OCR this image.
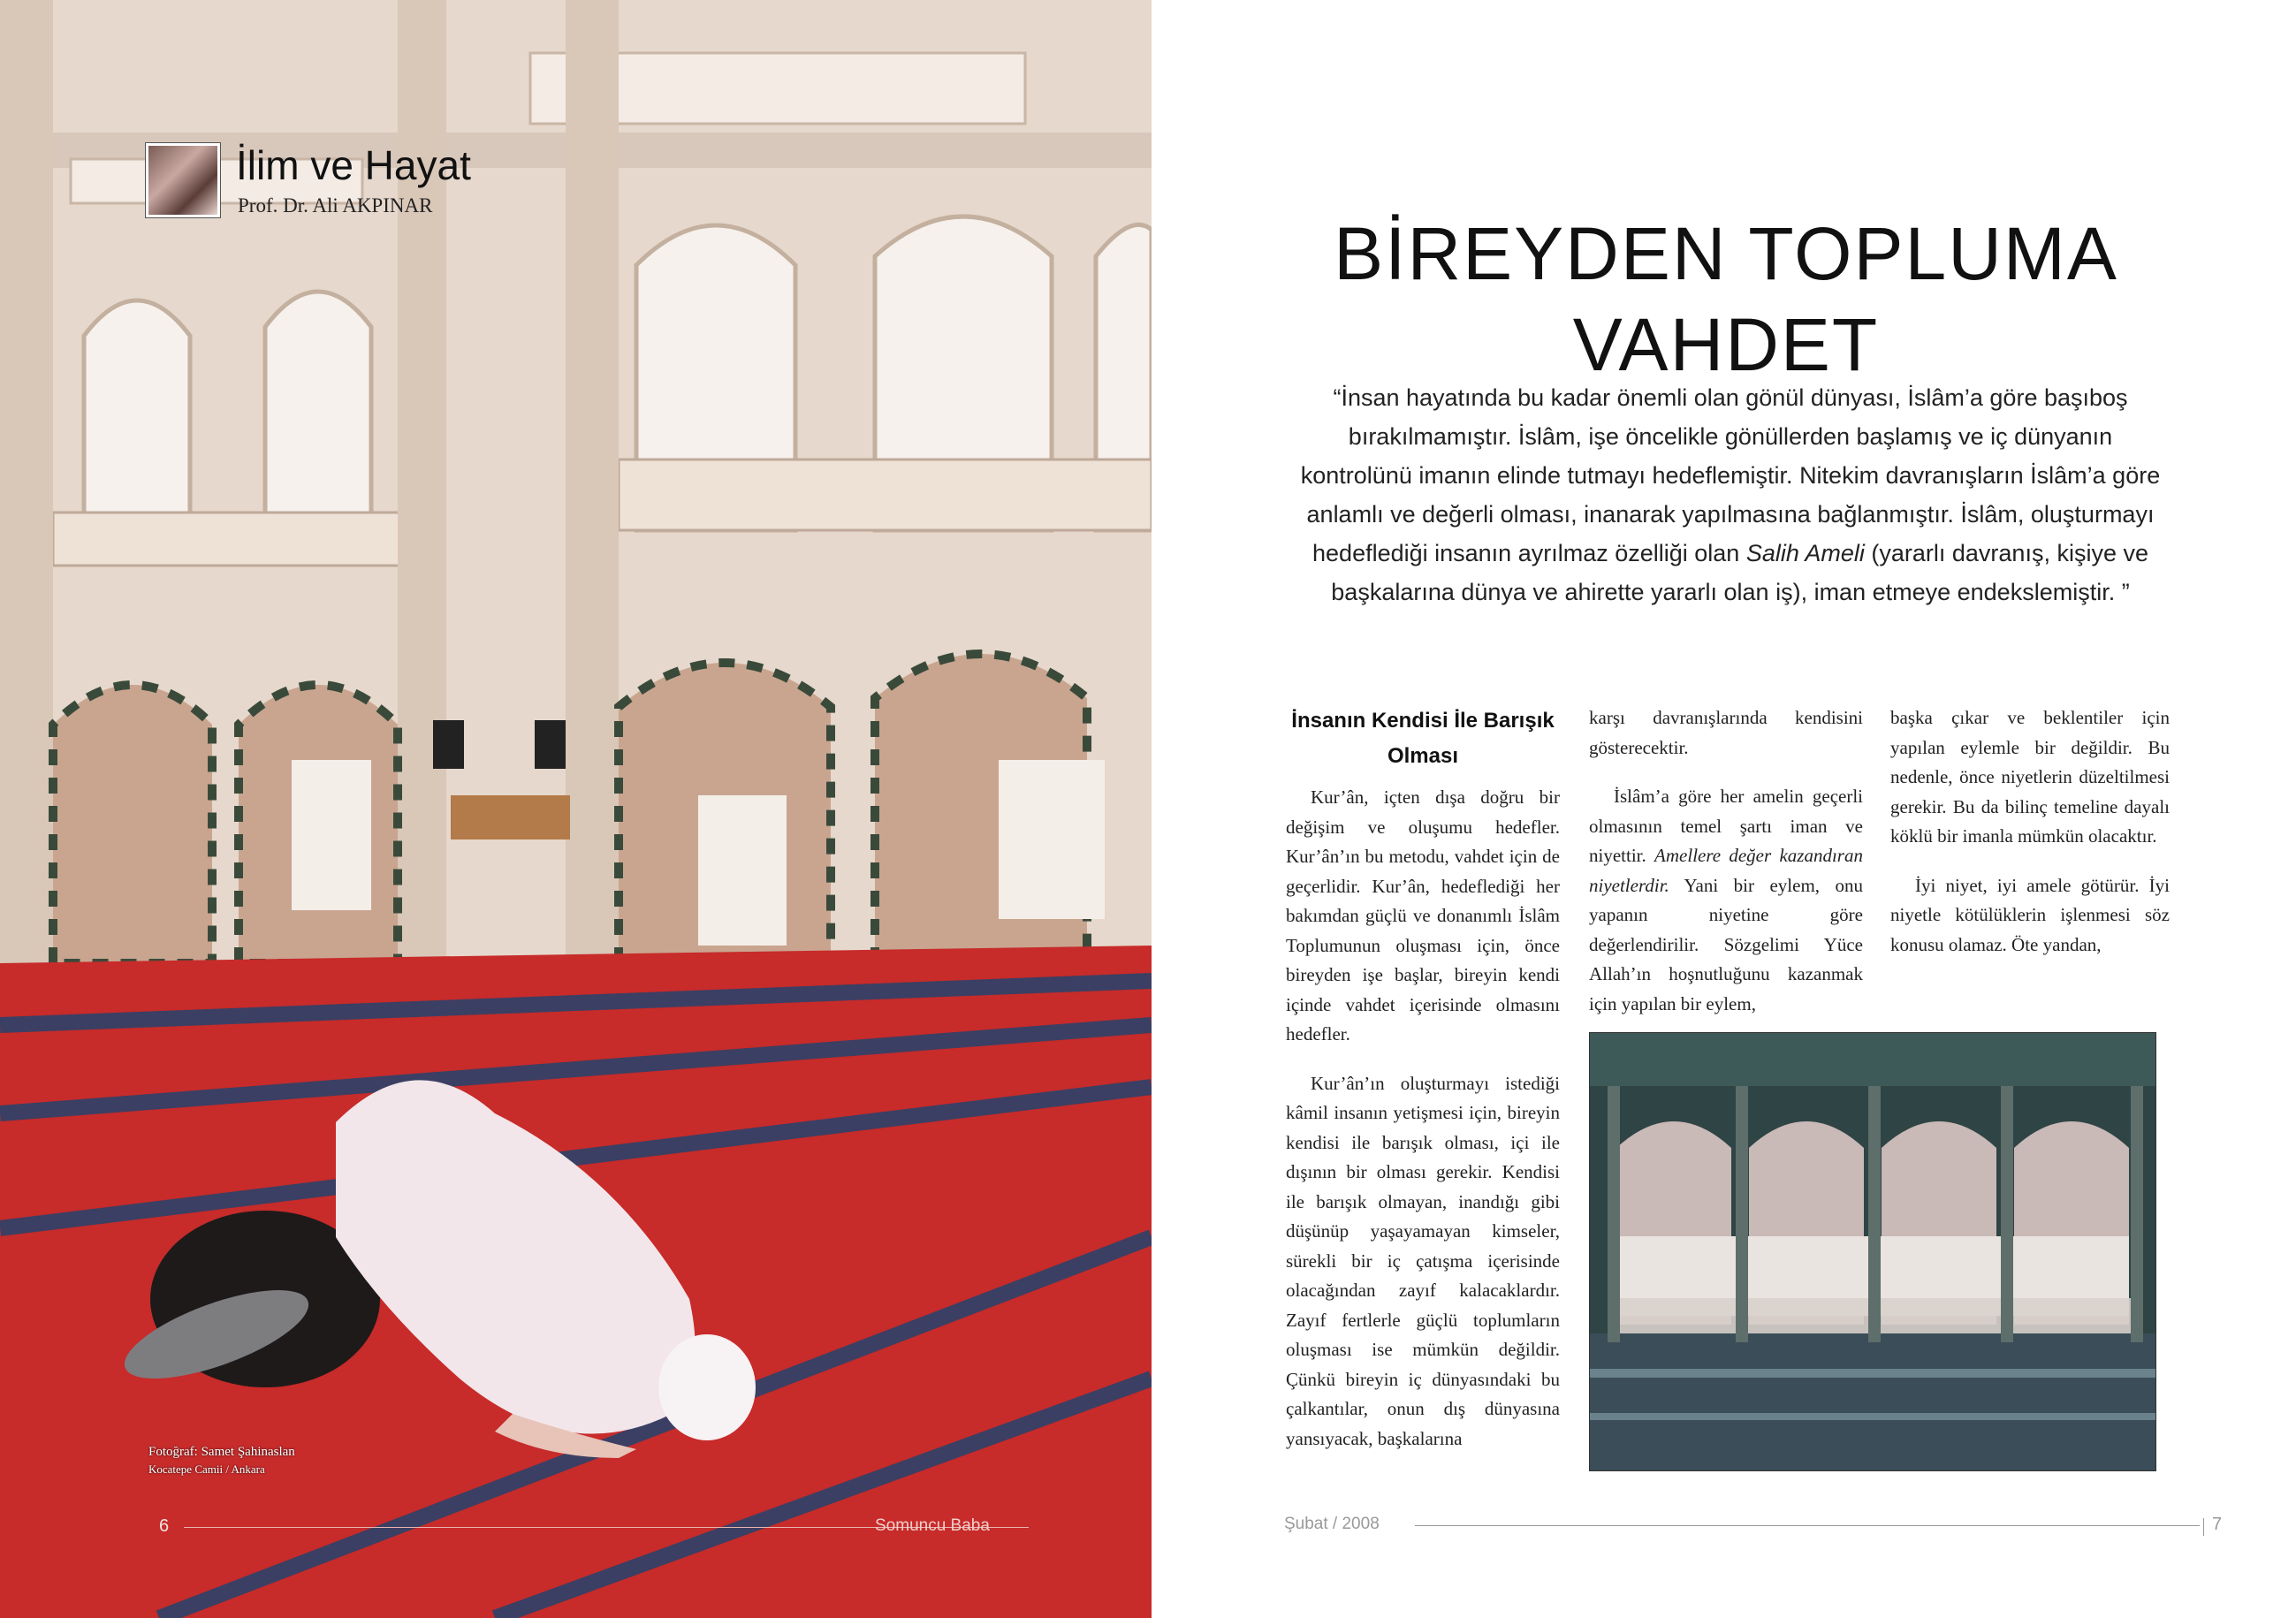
İlim ve Hayat
Prof. Dr. Ali AKPINAR
Fotoğraf: Samet Şahinaslan
Kocatepe Camii / Ankara
6	Somuncu Baba
BİREYDEN TOPLUMA
VAHDET
“İnsan hayatında bu kadar önemli olan gönül dünyası, İslâm’a göre başıboş bırakılmamıştır. İslâm, işe öncelikle gönüllerden başlamış ve iç dünyanın kontrolünü imanın elinde tutmayı hedeflemiştir. Nitekim davranışların İslâm’a göre anlamlı ve değerli olması, inanarak yapılmasına bağlanmıştır. İslâm, oluşturmayı hedeflediği insanın ayrılmaz özelliği olan Salih Ameli (yararlı davranış, kişiye ve başkalarına dünya ve ahirette yararlı olan iş), iman etmeye endekslemiştir. ”
İnsanın Kendisi İle Barışık Olması

Kur’ân, içten dışa doğru bir değişim ve oluşumu hedefler. Kur’ân’ın bu metodu, vahdet için de geçerlidir. Kur’ân, hedeflediği her bakımdan güçlü ve donanımlı İslâm Toplumunun oluşması için, önce bireyden işe başlar, bireyin kendi içinde vahdet içerisinde olmasını hedefler.

Kur’ân’ın oluşturmayı istediği kâmil insanın yetişmesi için, bireyin kendisi ile barışık olması, içi ile dışının bir olması gerekir. Kendisi ile barışık olmayan, inandığı gibi düşünüp yaşayamayan kimseler, sürekli bir iç çatışma içerisinde olacağından zayıf kalacaklardır. Zayıf fertlerle güçlü toplumların oluşması ise mümkün değildir. Çünkü bireyin iç dünyasındaki bu çalkantılar, onun dış dünyasına yansıyacak, başkalarına

karşı davranışlarında kendisini gösterecektir.

İslâm’a göre her amelin geçerli olmasının temel şartı iman ve niyettir. Amellere değer kazandıran niyetlerdir. Yani bir eylem, onu yapanın niyetine göre değerlendirilir. Sözgelimi Yüce Allah’ın hoşnutluğunu kazanmak için yapılan bir eylem,

başka çıkar ve beklentiler için yapılan eylemle bir değildir. Bu nedenle, önce niyetlerin düzeltilmesi gerekir. Bu da bilinç temeline dayalı köklü bir imanla mümkün olacaktır.

İyi niyet, iyi amele götürür. İyi niyetle kötülüklerin işlenmesi söz konusu olamaz. Öte yandan,

Şubat / 2008	7
